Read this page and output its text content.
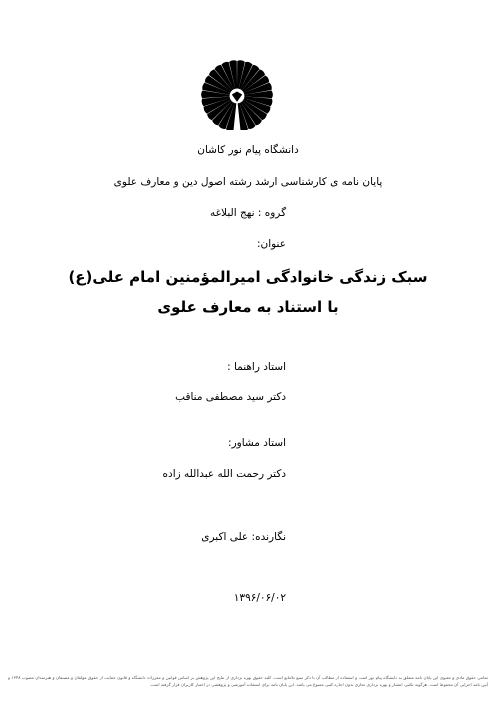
دانشگاه پیام نور کاشان
پایان نامه ی کارشناسی ارشد رشته اصول دین و معارف علوی
گروه : نهج البلاغه
عنوان:
سبک زندگی خانوادگی امیرالمؤمنین امام علی(ع)
با استناد به معارف علوی
استاد راهنما :
دکتر سید مصطفی مناقب
استاد مشاور:
دکتر رحمت الله عبدالله زاده
نگارنده: علی اکبری
۱۳۹۶/۰۶/۰۲
تمامی حقوق مادی و معنوی این پایان نامه متعلق به دانشگاه پیام نور است و استفاده از مطالب آن با ذکر منبع بلامانع است. کلیه حقوق بهره برداری از نتایج این پژوهش بر اساس قوانین و مقررات دانشگاه و قانون حمایت از حقوق مؤلفان و مصنفان و هنرمندان مصوب ۱۳۴۸ و آیین نامه اجرایی آن محفوظ است. هرگونه تکثیر، انتشار و بهره برداری تجاری بدون اجازه کتبی ممنوع می باشد. این پایان نامه برای استفاده آموزشی و پژوهشی در اختیار کاربران قرار گرفته است.
